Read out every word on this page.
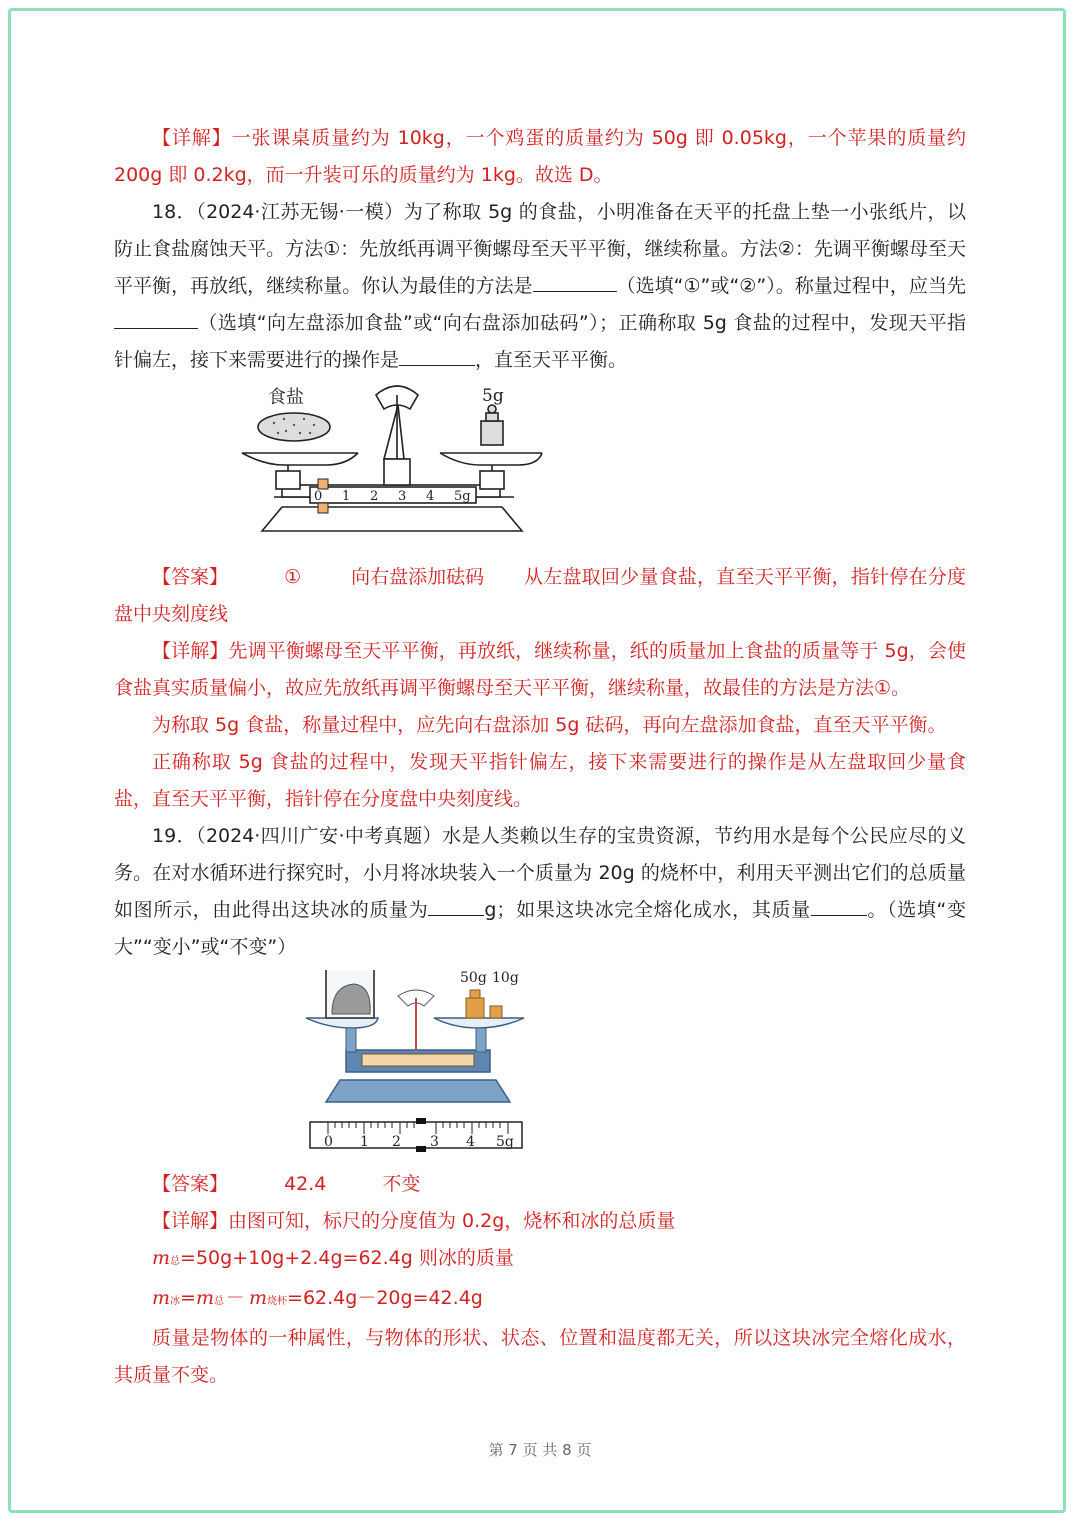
【详解】一张课桌质量约为 10kg，一个鸡蛋的质量约为 50g 即 0.05kg，一个苹果的质量约 200g 即 0.2kg，而一升装可乐的质量约为 1kg。故选 D。

18．（2024·江苏无锡·一模）为了称取 5g 的食盐，小明准备在天平的托盘上垫一小张纸片，以防止食盐腐蚀天平。方法①：先放纸再调平衡螺母至天平平衡，继续称量。方法②：先调平衡螺母至天平平衡，再放纸，继续称量。你认为最佳的方法是	（选填“①”或“②”）。称量过程中，应当先（选填“向左盘添加食盐”或“向右盘添加砝码”）；正确称取 5g 食盐的过程中，发现天平指针偏左，接下来需要进行的操作是	，直至天平平衡。

食盐	5g
0 1 2 3 4 5g
【答案】	①	向右盘添加砝码	从左盘取回少量食盐，直至天平平衡，指针停在分度盘中央刻度线

【详解】先调平衡螺母至天平平衡，再放纸，继续称量，纸的质量加上食盐的质量等于 5g，会使食盐真实质量偏小，故应先放纸再调平衡螺母至天平平衡，继续称量，故最佳的方法是方法①。

为称取 5g 食盐，称量过程中，应先向右盘添加 5g 砝码，再向左盘添加食盐，直至天平平衡。

正确称取 5g 食盐的过程中，发现天平指针偏左，接下来需要进行的操作是从左盘取回少量食盐，直至天平平衡，指针停在分度盘中央刻度线。

19．（2024·四川广安·中考真题）水是人类赖以生存的宝贵资源，节约用水是每个公民应尽的义务。在对水循环进行探究时，小月将冰块装入一个质量为 20g 的烧杯中，利用天平测出它们的总质量如图所示，由此得出这块冰的质量为	g；如果这块冰完全熔化成水，其质量	。（选填“变大”“变小”或“不变”）

50g 10g
0 1 2 3 4 5g
【答案】	42.4	不变

【详解】由图可知，标尺的分度值为 0.2g，烧杯和冰的总质量

m总=50g+10g+2.4g=62.4g 则冰的质量

m冰=m总－ m烧杯=62.4g－20g=42.4g

质量是物体的一种属性，与物体的形状、状态、位置和温度都无关，所以这块冰完全熔化成水，其质量不变。

第 7 页 共 8 页
